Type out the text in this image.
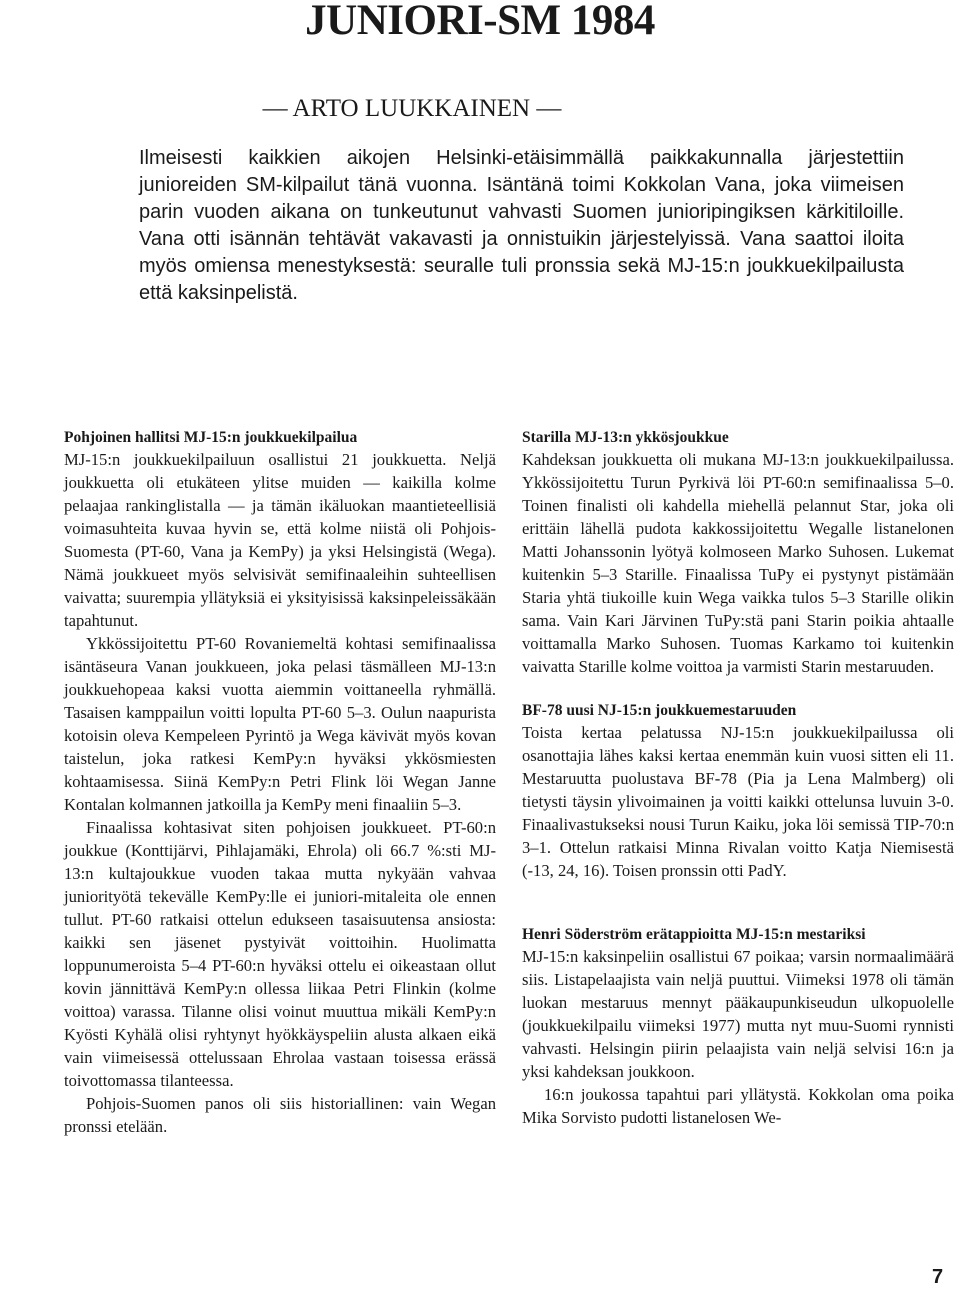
JUNIORI-SM 1984
— ARTO LUUKKAINEN —

Ilmeisesti kaikkien aikojen Helsinki-etäisimmällä paikkakunnalla järjestettiin junioreiden SM-kilpailut tänä vuonna. Isäntänä toimi Kokkolan Vana, joka viimeisen parin vuoden aikana on tunkeutunut vahvasti Suomen junioripingiksen kärkitiloille. Vana otti isännän tehtävät vakavasti ja onnistuikin järjestelyissä. Vana saattoi iloita myös omiensa menestyksestä: seuralle tuli pronssia sekä MJ-15:n joukkuekilpailusta että kaksinpelistä.

Pohjoinen hallitsi MJ-15:n joukkuekilpailua

MJ-15:n joukkuekilpailuun osallistui 21 joukkuetta. Neljä joukkuetta oli etukäteen ylitse muiden — kaikilla kolme pelaajaa rankinglistalla — ja tämän ikäluokan maantieteellisiä voimasuhteita kuvaa hyvin se, että kolme niistä oli Pohjois-Suomesta (PT-60, Vana ja KemPy) ja yksi Helsingistä (Wega). Nämä joukkueet myös selvisivät semifinaaleihin suhteellisen vaivatta; suurempia yllätyksiä ei yksityisissä kaksinpeleissäkään tapahtunut.

Ykkössijoitettu PT-60 Rovaniemeltä kohtasi semifinaalissa isäntäseura Vanan joukkueen, joka pelasi täsmälleen MJ-13:n joukkuehopeaa kaksi vuotta aiemmin voittaneella ryhmällä. Tasaisen kamppailun voitti lopulta PT-60 5–3. Oulun naapurista kotoisin oleva Kempeleen Pyrintö ja Wega kävivät myös kovan taistelun, joka ratkesi KemPy:n hyväksi ykkösmiesten kohtaamisessa. Siinä KemPy:n Petri Flink löi Wegan Janne Kontalan kolmannen jatkoilla ja KemPy meni finaaliin 5–3.

Finaalissa kohtasivat siten pohjoisen joukkueet. PT-60:n joukkue (Konttijärvi, Pihlajamäki, Ehrola) oli 66.7 %:sti MJ-13:n kultajoukkue vuoden takaa mutta nykyään vahvaa juniorityötä tekevälle KemPy:lle ei juniori-mitaleita ole ennen tullut. PT-60 ratkaisi ottelun edukseen tasaisuutensa ansiosta: kaikki sen jäsenet pystyivät voittoihin. Huolimatta loppunumeroista 5–4 PT-60:n hyväksi ottelu ei oikeastaan ollut kovin jännittävä KemPy:n ollessa liikaa Petri Flinkin (kolme voittoa) varassa. Tilanne olisi voinut muuttua mikäli KemPy:n Kyösti Kyhälä olisi ryhtynyt hyökkäyspeliin alusta alkaen eikä vain viimeisessä ottelussaan Ehrolaa vastaan toisessa erässä toivottomassa tilanteessa.

Pohjois-Suomen panos oli siis historiallinen: vain Wegan pronssi etelään.

Starilla MJ-13:n ykkösjoukkue

Kahdeksan joukkuetta oli mukana MJ-13:n joukkuekilpailussa. Ykkössijoitettu Turun Pyrkivä löi PT-60:n semifinaalissa 5–0. Toinen finalisti oli kahdella miehellä pelannut Star, joka oli erittäin lähellä pudota kakkossijoitettu Wegalle listanelonen Matti Johanssonin lyötyä kolmoseen Marko Suhosen. Lukemat kuitenkin 5–3 Starille. Finaalissa TuPy ei pystynyt pistämään Staria yhtä tiukoille kuin Wega vaikka tulos 5–3 Starille olikin sama. Vain Kari Järvinen TuPy:stä pani Starin poikia ahtaalle voittamalla Marko Suhosen. Tuomas Karkamo toi kuitenkin vaivatta Starille kolme voittoa ja varmisti Starin mestaruuden.

BF-78 uusi NJ-15:n joukkuemestaruuden

Toista kertaa pelatussa NJ-15:n joukkuekilpailussa oli osanottajia lähes kaksi kertaa enemmän kuin vuosi sitten eli 11. Mestaruutta puolustava BF-78 (Pia ja Lena Malmberg) oli tietysti täysin ylivoimainen ja voitti kaikki ottelunsa luvuin 3-0. Finaalivastukseksi nousi Turun Kaiku, joka löi semissä TIP-70:n 3–1. Ottelun ratkaisi Minna Rivalan voitto Katja Niemisestä (-13, 24, 16). Toisen pronssin otti PadY.

Henri Söderström erätappioitta MJ-15:n mestariksi

MJ-15:n kaksinpeliin osallistui 67 poikaa; varsin normaalimäärä siis. Listapelaajista vain neljä puuttui. Viimeksi 1978 oli tämän luokan mestaruus mennyt pääkaupunkiseudun ulkopuolelle (joukkuekilpailu viimeksi 1977) mutta nyt muu-Suomi rynnisti vahvasti. Helsingin piirin pelaajista vain neljä selvisi 16:n ja yksi kahdeksan joukkoon.

16:n joukossa tapahtui pari yllätystä. Kokkolan oma poika Mika Sorvisto pudotti listanelosen We-

7
